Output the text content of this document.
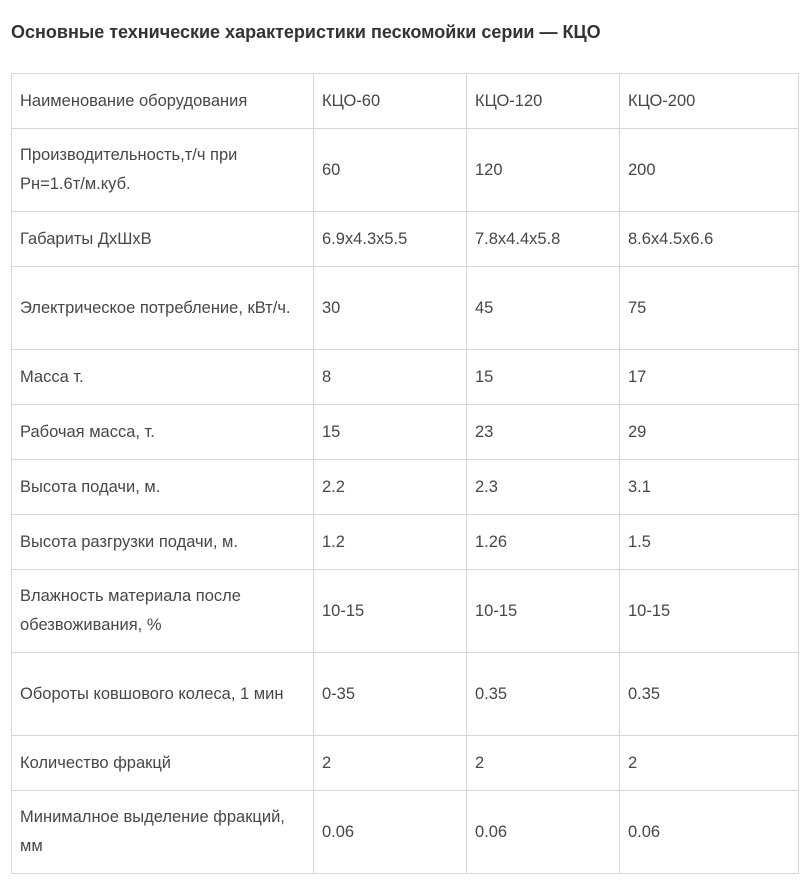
Основные технические характеристики пескомойки серии — КЦО
Наименование оборудования	КЦО-60	КЦО-120	КЦО-200
Производительность,т/ч при Рн=1.6т/м.куб.	60	120	200
Габариты ДхШхВ	6.9х4.3х5.5	7.8х4.4х5.8	8.6х4.5х6.6
Электрическое потребление, кВт/ч.	30	45	75
Масса т.	8	15	17
Рабочая масса, т.	15	23	29
Высота подачи, м.	2.2	2.3	3.1
Высота разгрузки подачи, м.	1.2	1.26	1.5
Влажность материала после обезвоживания, %	10-15	10-15	10-15
Обороты ковшового колеса, 1 мин	0-35	0.35	0.35
Количество фракцй	2	2	2
Минималное выделение фракций, мм	0.06	0.06	0.06
